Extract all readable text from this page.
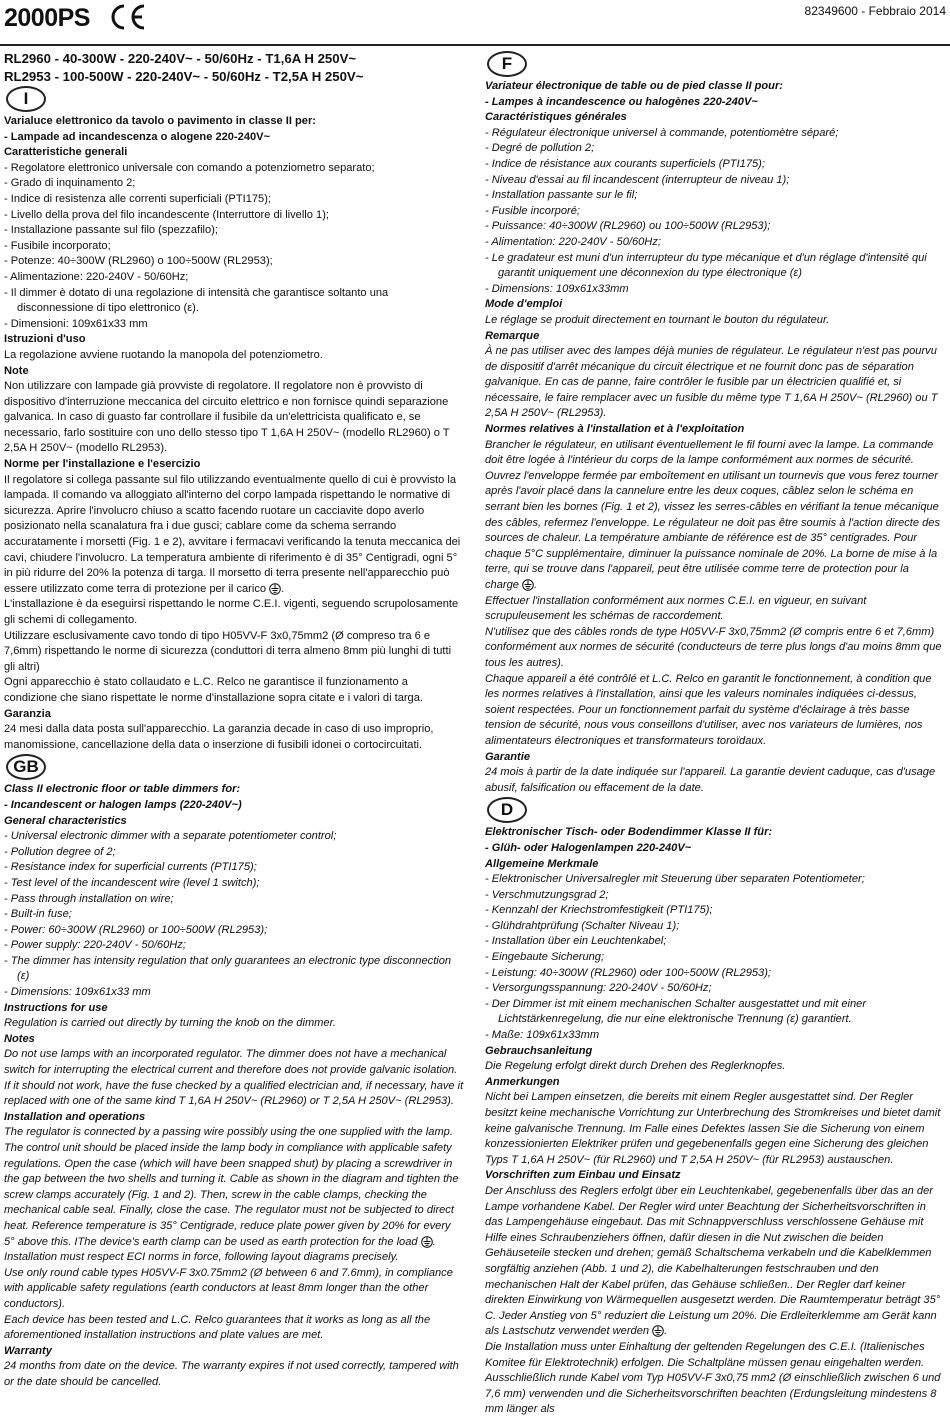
2000PS	82349600 - Febbraio 2014

RL2960 - 40-300W - 220-240V~ - 50/60Hz - T1,6A H 250V~

RL2953 - 100-500W - 220-240V~ - 50/60Hz - T2,5A H 250V~

I

Varialuce elettronico da tavolo o pavimento in classe II per:

- Lampade ad incandescenza o alogene 220-240V~

Caratteristiche generali

- Regolatore elettronico universale con comando a potenziometro separato;

- Grado di inquinamento 2;

- Indice di resistenza alle correnti superficiali (PTI175);

- Livello della prova del filo incandescente (Interruttore di livello 1);

- Installazione passante sul filo (spezzafilo);

- Fusibile incorporato;

- Potenze: 40÷300W (RL2960) o 100÷500W (RL2953);

- Alimentazione: 220-240V - 50/60Hz;

- Il dimmer è dotato di una regolazione di intensità che garantisce soltanto una disconnessione di tipo elettronico (ε).

- Dimensioni: 109x61x33 mm

Istruzioni d'uso

La regolazione avviene ruotando la manopola del potenziometro.

Note

Non utilizzare con lampade già provviste di regolatore. Il regolatore non è provvisto di dispositivo d'interruzione meccanica del circuito elettrico e non fornisce quindi separazione galvanica. In caso di guasto far controllare il fusibile da un'elettricista qualificato e, se necessario, farlo sostituire con uno dello stesso tipo T 1,6A H 250V~ (modello RL2960) o T 2,5A H 250V~ (modello RL2953).

Norme per l'installazione e l'esercizio

Il regolatore si collega passante sul filo utilizzando eventualmente quello di cui è provvisto la lampada. Il comando va alloggiato all'interno del corpo lampada rispettando le normative di sicurezza. Aprire l'involucro chiuso a scatto facendo ruotare un cacciavite dopo averlo posizionato nella scanalatura fra i due gusci; cablare come da schema serrando accuratamente i morsetti (Fig. 1 e 2), avvitare i fermacavi verificando la tenuta meccanica dei cavi, chiudere l'involucro. La temperatura ambiente di riferimento è di 35° Centigradi, ogni 5° in più ridurre del 20% la potenza di targa. Il morsetto di terra presente nell'apparecchio può essere utilizzato come terra di protezione per il carico .

L'installazione è da eseguirsi rispettando le norme C.E.I. vigenti, seguendo scrupolosamente gli schemi di collegamento.

Utilizzare esclusivamente cavo tondo di tipo H05VV-F 3x0,75mm2 (Ø compreso tra 6 e 7,6mm) rispettando le norme di sicurezza (conduttori di terra almeno 8mm più lunghi di tutti gli altri)

Ogni apparecchio è stato collaudato e L.C. Relco ne garantisce il funzionamento a condizione che siano rispettate le norme d'installazione sopra citate e i valori di targa.

Garanzia

24 mesi dalla data posta sull'apparecchio. La garanzia decade in caso di uso improprio, manomissione, cancellazione della data o inserzione di fusibili idonei o cortocircuitati.

GB

Class II electronic floor or table dimmers for:

- Incandescent or halogen lamps (220-240V~)

General characteristics

- Universal electronic dimmer with a separate potentiometer control;

- Pollution degree of 2;

- Resistance index for superficial currents (PTI175);

- Test level of the incandescent wire (level 1 switch);

- Pass through installation on wire;

- Built-in fuse;

- Power: 60÷300W (RL2960) or 100÷500W (RL2953);

- Power supply: 220-240V - 50/60Hz;

- The dimmer has intensity regulation that only guarantees an electronic type disconnection (ε)

- Dimensions: 109x61x33 mm

Instructions for use

Regulation is carried out directly by turning the knob on the dimmer.

Notes

Do not use lamps with an incorporated regulator. The dimmer does not have a mechanical switch for interrupting the electrical current and therefore does not provide galvanic isolation. If it should not work, have the fuse checked by a qualified electrician and, if necessary, have it replaced with one of the same kind T 1,6A H 250V~ (RL2960) or T 2,5A H 250V~ (RL2953).

Installation and operations

The regulator is connected by a passing wire possibly using the one supplied with the lamp. The control unit should be placed inside the lamp body in compliance with applicable safety regulations. Open the case (which will have been snapped shut) by placing a screwdriver in the gap between the two shells and turning it. Cable as shown in the diagram and tighten the screw clamps accurately (Fig. 1 and 2). Then, screw in the cable clamps, checking the mechanical cable seal. Finally, close the case. The regulator must not be subjected to direct heat. Reference temperature is 35° Centigrade, reduce plate power given by 20% for every 5° above this. IThe device's earth clamp can be used as earth protection for the load .

Installation must respect ECI norms in force, following layout diagrams precisely.

Use only round cable types H05VV-F 3x0.75mm2 (Ø between 6 and 7.6mm), in compliance with applicable safety regulations (earth conductors at least 8mm longer than the other conductors).

Each device has been tested and L.C. Relco guarantees that it works as long as all the aforementioned installation instructions and plate values are met.

Warranty

24 months from date on the device. The warranty expires if not used correctly, tampered with or the date should be cancelled.

F

Variateur électronique de table ou de pied classe II pour:

- Lampes à incandescence ou halogènes 220-240V~

Caractéristiques générales

- Régulateur électronique universel à commande, potentiomètre séparé;

- Degré de pollution 2;

- Indice de résistance aux courants superficiels (PTI175);

- Niveau d'essai au fil incandescent (interrupteur de niveau 1);

- Installation passante sur le fil;

- Fusible incorporé;

- Puissance: 40÷300W (RL2960) ou 100÷500W (RL2953);

- Alimentation: 220-240V - 50/60Hz;

- Le gradateur est muni d'un interrupteur du type mécanique et d'un réglage d'intensité qui garantit uniquement une déconnexion du type électronique (ε)

- Dimensions: 109x61x33mm

Mode d'emploi

Le réglage se produit directement en tournant le bouton du régulateur.

Remarque

À ne pas utiliser avec des lampes déjà munies de régulateur. Le régulateur n'est pas pourvu de dispositif d'arrêt mécanique du circuit électrique et ne fournit donc pas de séparation galvanique. En cas de panne, faire contrôler le fusible par un électricien qualifié et, si nécessaire, le faire remplacer avec un fusible du même type T 1,6A H 250V~ (RL2960) ou T 2,5A H 250V~ (RL2953).

Normes relatives à l'installation et à l'exploitation

Brancher le régulateur, en utilisant éventuellement le fil fourni avec la lampe. La commande doit être logée à l'intérieur du corps de la lampe conformément aux normes de sécurité. Ouvrez l'enveloppe fermée par emboîtement en utilisant un tournevis que vous ferez tourner après l'avoir placé dans la cannelure entre les deux coques, câblez selon le schéma en serrant bien les bornes (Fig. 1 et 2), vissez les serres-câbles en vérifiant la tenue mécanique des câbles, refermez l'enveloppe. Le régulateur ne doit pas être soumis à l'action directe des sources de chaleur. La température ambiante de référence est de 35° centigrades. Pour chaque 5°C supplémentaire, diminuer la puissance nominale de 20%. La borne de mise à la terre, qui se trouve dans l'appareil, peut être utilisée comme terre de protection pour la charge .

Effectuer l'installation conformément aux normes C.E.I. en vigueur, en suivant scrupuleusement les schémas de raccordement.

N'utilisez que des câbles ronds de type H05VV-F 3x0,75mm2 (Ø compris entre 6 et 7,6mm) conformément aux normes de sécurité (conducteurs de terre plus longs d'au moins 8mm que tous les autres).

Chaque appareil a été contrôlé et L.C. Relco en garantit le fonctionnement, à condition que les normes relatives à l'installation, ainsi que les valeurs nominales indiquées ci-dessus, soient respectées. Pour un fonctionnement parfait du système d'éclairage à très basse tension de sécurité, nous vous conseillons d'utiliser, avec nos variateurs de lumières, nos alimentateurs électroniques et transformateurs toroïdaux.

Garantie

24 mois à partir de la date indiquée sur l'appareil. La garantie devient caduque, cas d'usage abusif, falsification ou effacement de la date.

D

Elektronischer Tisch- oder Bodendimmer Klasse II für:

- Glüh- oder Halogenlampen 220-240V~

Allgemeine Merkmale

- Elektronischer Universalregler mit Steuerung über separaten Potentiometer;

- Verschmutzungsgrad 2;

- Kennzahl der Kriechstromfestigkeit (PTI175);

- Glühdrahtprüfung (Schalter Niveau 1);

- Installation über ein Leuchtenkabel;

- Eingebaute Sicherung;

- Leistung: 40÷300W (RL2960) oder 100÷500W (RL2953);

- Versorgungsspannung: 220-240V - 50/60Hz;

- Der Dimmer ist mit einem mechanischen Schalter ausgestattet und mit einer Lichtstärkenregelung, die nur eine elektronische Trennung (ε) garantiert.

- Maße: 109x61x33mm

Gebrauchsanleitung

Die Regelung erfolgt direkt durch Drehen des Reglerknopfes.

Anmerkungen

Nicht bei Lampen einsetzen, die bereits mit einem Regler ausgestattet sind. Der Regler besitzt keine mechanische Vorrichtung zur Unterbrechung des Stromkreises und bietet damit keine galvanische Trennung. Im Falle eines Defektes lassen Sie die Sicherung von einem konzessionierten Elektriker prüfen und gegebenenfalls gegen eine Sicherung des gleichen Typs T 1,6A H 250V~ (für RL2960) und T 2,5A H 250V~ (für RL2953) austauschen.

Vorschriften zum Einbau und Einsatz

Der Anschluss des Reglers erfolgt über ein Leuchtenkabel, gegebenenfalls über das an der Lampe vorhandene Kabel. Der Regler wird unter Beachtung der Sicherheitsvorschriften in das Lampengehäuse eingebaut. Das mit Schnappverschluss verschlossene Gehäuse mit Hilfe eines Schraubenziehers öffnen, dafür diesen in die Nut zwischen die beiden Gehäuseteile stecken und drehen; gemäß Schaltschema verkabeln und die Kabelklemmen sorgfältig anziehen (Abb. 1 und 2), die Kabelhalterungen festschrauben und den mechanischen Halt der Kabel prüfen, das Gehäuse schließen.. Der Regler darf keiner direkten Einwirkung von Wärmequellen ausgesetzt werden. Die Raumtemperatur beträgt 35° C. Jeder Anstieg von 5° reduziert die Leistung um 20%. Die Erdleiterklemme am Gerät kann als Lastschutz verwendet werden .

Die Installation muss unter Einhaltung der geltenden Regelungen des C.E.I. (Italienisches Komitee für Elektrotechnik) erfolgen. Die Schaltpläne müssen genau eingehalten werden.

Ausschließlich runde Kabel vom Typ H05VV-F 3x0,75 mm2 (Ø einschließlich zwischen 6 und 7,6 mm) verwenden und die Sicherheitsvorschriften beachten (Erdungsleitung mindestens 8 mm länger als
